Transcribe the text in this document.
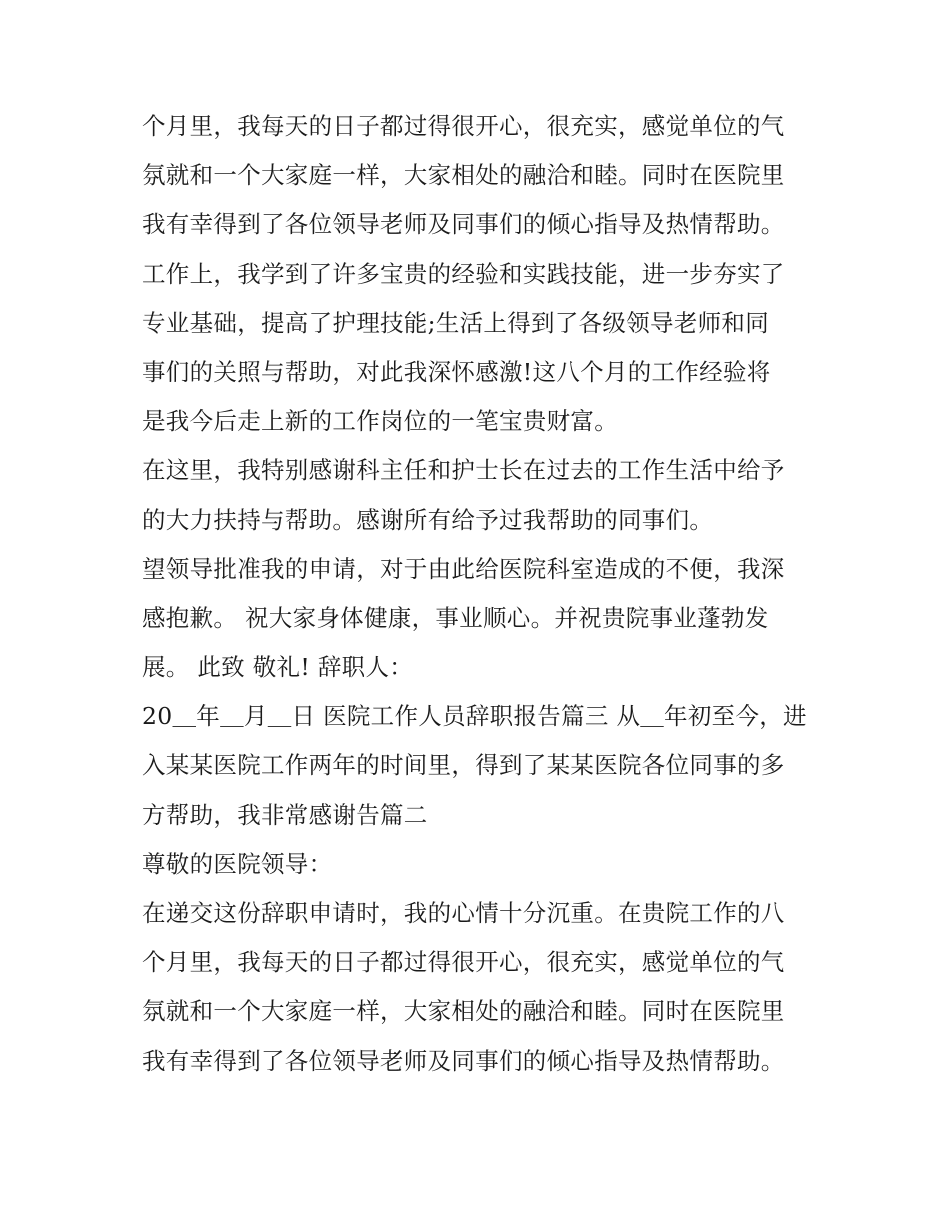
个月里，我每天的日子都过得很开心，很充实，感觉单位的气
氛就和一个大家庭一样，大家相处的融洽和睦。同时在医院里
我有幸得到了各位领导老师及同事们的倾心指导及热情帮助。
工作上，我学到了许多宝贵的经验和实践技能，进一步夯实了
专业基础，提高了护理技能;生活上得到了各级领导老师和同
事们的关照与帮助，对此我深怀感激!这八个月的工作经验将
是我今后走上新的工作岗位的一笔宝贵财富。
在这里，我特别感谢科主任和护士长在过去的工作生活中给予
的大力扶持与帮助。感谢所有给予过我帮助的同事们。
望领导批准我的申请，对于由此给医院科室造成的不便，我深
感抱歉。 祝大家身体健康，事业顺心。并祝贵院事业蓬勃发
展。 此致 敬礼! 辞职人：
20＿年＿月＿日 医院工作人员辞职报告篇三 从＿年初至今，进
入某某医院工作两年的时间里，得到了某某医院各位同事的多
方帮助，我非常感谢告篇二
尊敬的医院领导：
在递交这份辞职申请时，我的心情十分沉重。在贵院工作的八
个月里，我每天的日子都过得很开心，很充实，感觉单位的气
氛就和一个大家庭一样，大家相处的融洽和睦。同时在医院里
我有幸得到了各位领导老师及同事们的倾心指导及热情帮助。
